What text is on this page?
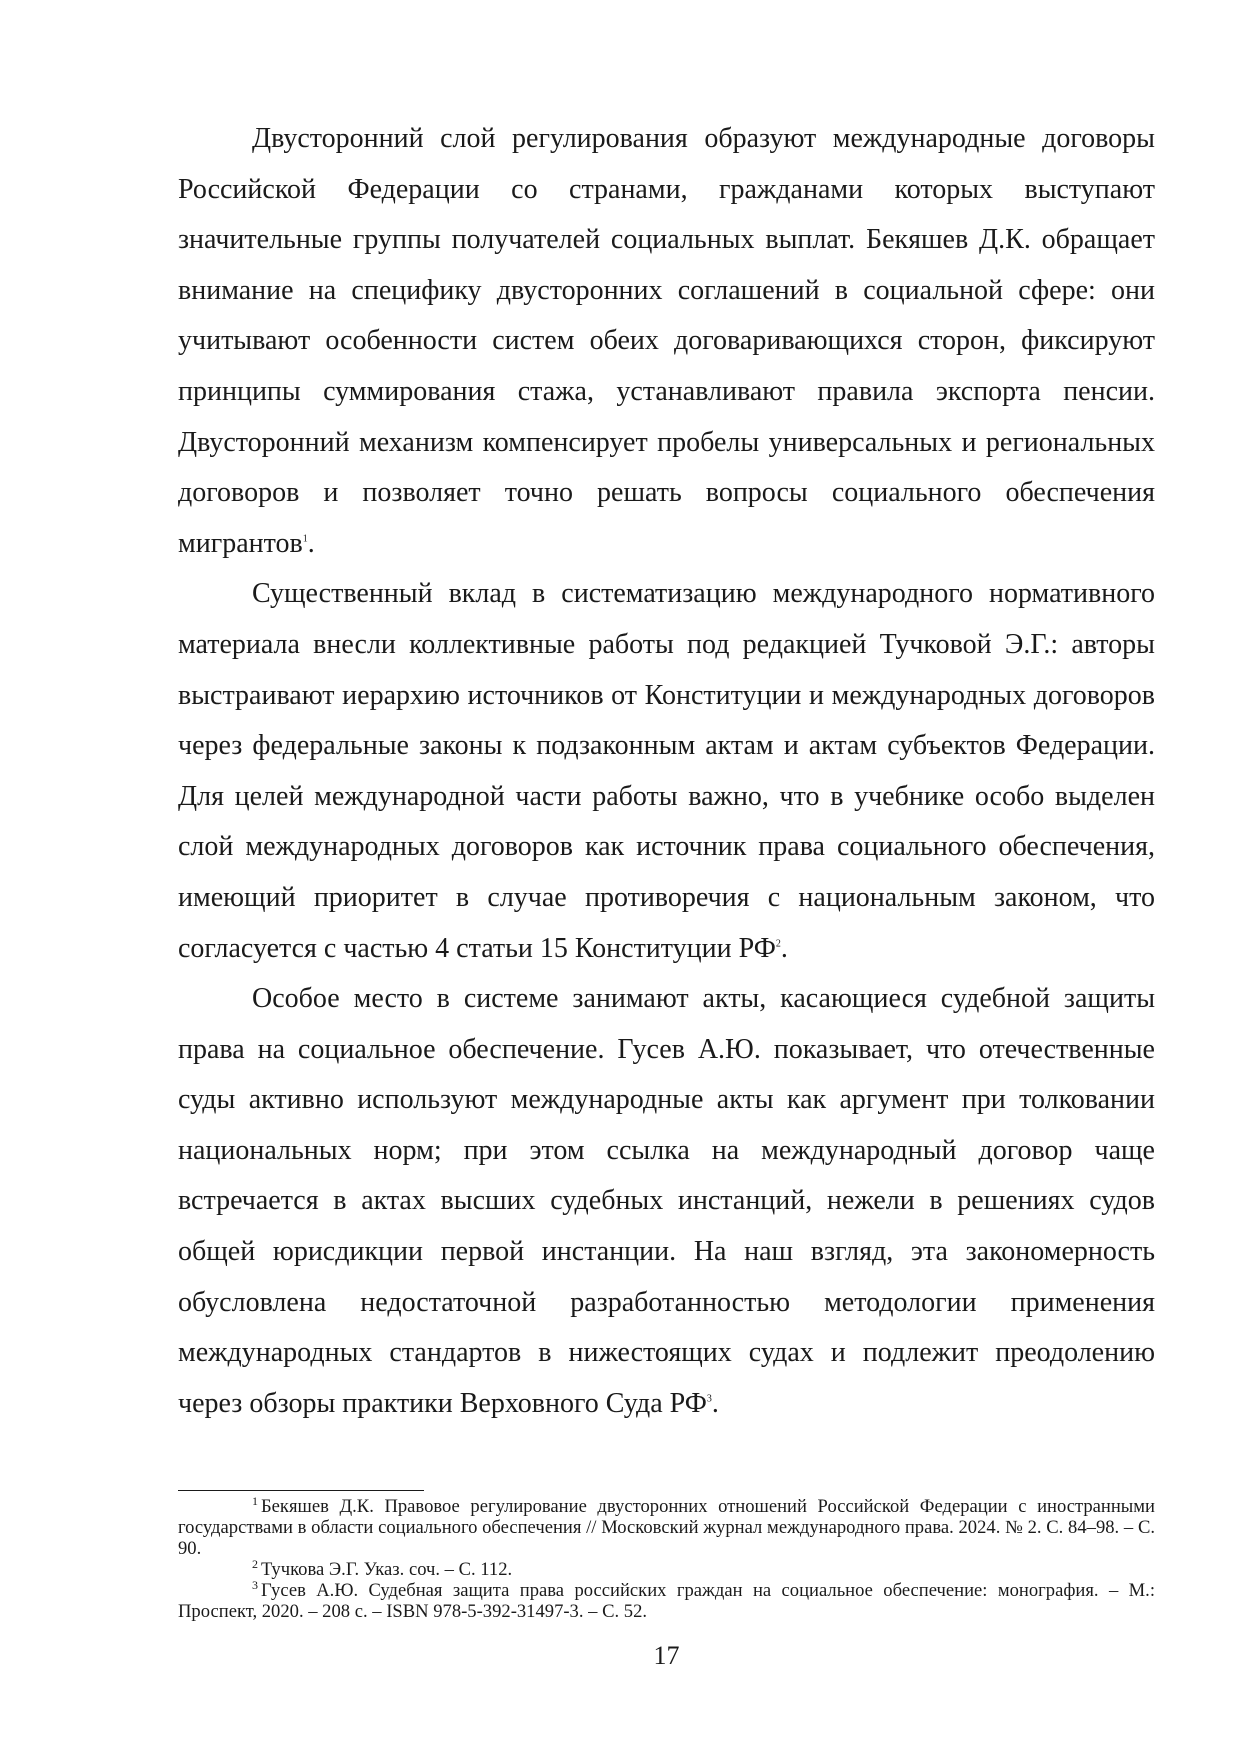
Двусторонний слой регулирования образуют международные договоры Российской Федерации со странами, гражданами которых выступают значительные группы получателей социальных выплат. Бекяшев Д.К. обращает внимание на специфику двусторонних соглашений в социальной сфере: они учитывают особенности систем обеих договаривающихся сторон, фиксируют принципы суммирования стажа, устанавливают правила экспорта пенсии. Двусторонний механизм компенсирует пробелы универсальных и региональных договоров и позволяет точно решать вопросы социального обеспечения мигрантов$^1$.

Существенный вклад в систематизацию международного нормативного материала внесли коллективные работы под редакцией Тучковой Э.Г.: авторы выстраивают иерархию источников от Конституции и международных договоров через федеральные законы к подзаконным актам и актам субъектов Федерации. Для целей международной части работы важно, что в учебнике особо выделен слой международных договоров как источник права социального обеспечения, имеющий приоритет в случае противоречия с национальным законом, что согласуется с частью 4 статьи 15 Конституции РФ$^2$.

Особое место в системе занимают акты, касающиеся судебной защиты права на социальное обеспечение. Гусев А.Ю. показывает, что отечественные суды активно используют международные акты как аргумент при толковании национальных норм; при этом ссылка на международный договор чаще встречается в актах высших судебных инстанций, нежели в решениях судов общей юрисдикции первой инстанции. На наш взгляд, эта закономерность обусловлена недостаточной разработанностью методологии применения международных стандартов в нижестоящих судах и подлежит преодолению через обзоры практики Верховного Суда РФ$^3$.

$^1$ Бекяшев Д.К. Правовое регулирование двусторонних отношений Российской Федерации с иностранными государствами в области социального обеспечения // Московский журнал международного права. 2024. № 2. С. 84–98. – С. 90.

$^2$ Тучкова Э.Г. Указ. соч. – С. 112.

$^3$ Гусев А.Ю. Судебная защита права российских граждан на социальное обеспечение: монография. – М.: Проспект, 2020. – 208 с. – ISBN 978-5-392-31497-3. – С. 52.

17
